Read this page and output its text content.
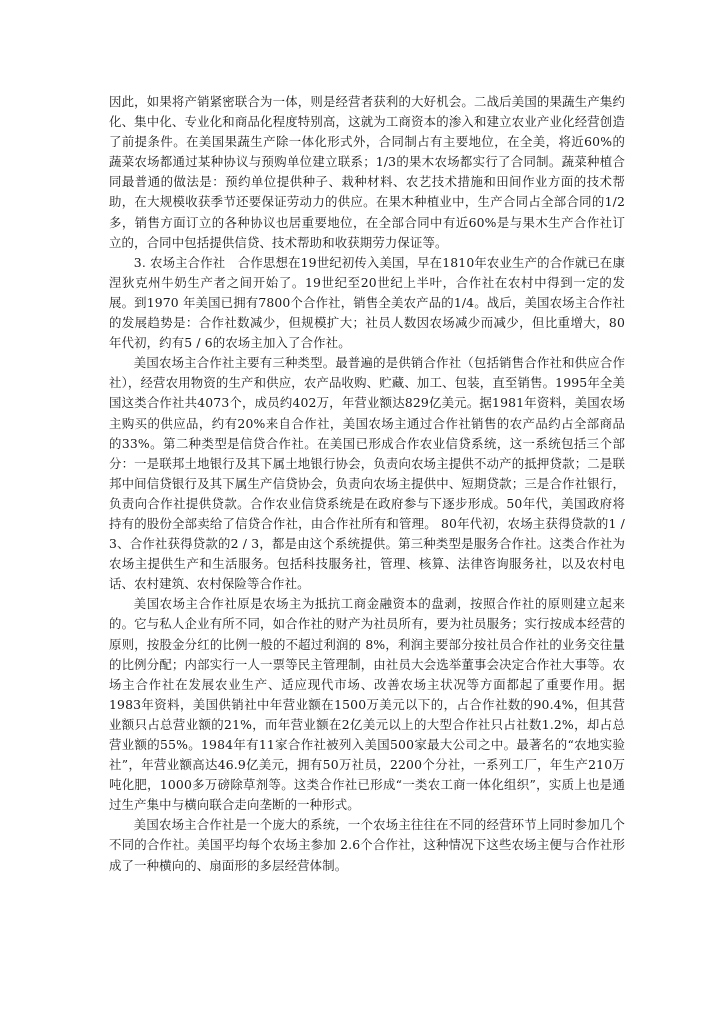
因此，如果将产销紧密联合为一体，则是经营者获利的大好机会。二战后美国的果蔬生产集约化、集中化、专业化和商品化程度特别高，这就为工商资本的渗入和建立农业产业化经营创造了前提条件。在美国果蔬生产除一体化形式外，合同制占有主要地位，在全美，将近60%的蔬菜农场都通过某种协议与预购单位建立联系；1/3的果木农场都实行了合同制。蔬菜种植合同最普通的做法是：预约单位提供种子、栽种材料、农艺技术措施和田间作业方面的技术帮助，在大规模收获季节还要保证劳动力的供应。在果木种植业中，生产合同占全部合同的1/2多，销售方面订立的各种协议也居重要地位，在全部合同中有近60%是与果木生产合作社订立的，合同中包括提供信贷、技术帮助和收获期劳力保证等。

3. 农场主合作社　合作思想在19世纪初传入美国，早在1810年农业生产的合作就已在康涅狄克州牛奶生产者之间开始了。19世纪至20世纪上半叶，合作社在农村中得到一定的发展。到1970 年美国已拥有7800个合作社，销售全美农产品的1/4。战后，美国农场主合作社的发展趋势是：合作社数减少，但规模扩大；社员人数因农场减少而减少，但比重增大，80年代初，约有5 / 6的农场主加入了合作社。

美国农场主合作社主要有三种类型。最普遍的是供销合作社（包括销售合作社和供应合作社），经营农用物资的生产和供应，农产品收购、贮藏、加工、包装，直至销售。1995年全美国这类合作社共4073个，成员约402万，年营业额达829亿美元。据1981年资料，美国农场主购买的供应品，约有20%来自合作社，美国农场主通过合作社销售的农产品约占全部商品的33%。第二种类型是信贷合作社。在美国已形成合作农业信贷系统，这一系统包括三个部分：一是联邦土地银行及其下属土地银行协会，负责向农场主提供不动产的抵押贷款；二是联邦中间信贷银行及其下属生产信贷协会，负责向农场主提供中、短期贷款；三是合作社银行，负责向合作社提供贷款。合作农业信贷系统是在政府参与下逐步形成。50年代，美国政府将持有的股份全部卖给了信贷合作社，由合作社所有和管理。 80年代初，农场主获得贷款的1 / 3、合作社获得贷款的2 / 3，都是由这个系统提供。第三种类型是服务合作社。这类合作社为农场主提供生产和生活服务。包括科技服务社，管理、核算、法律咨询服务社，以及农村电话、农村建筑、农村保险等合作社。

美国农场主合作社原是农场主为抵抗工商金融资本的盘剥，按照合作社的原则建立起来的。它与私人企业有所不同，如合作社的财产为社员所有，要为社员服务；实行按成本经营的原则，按股金分红的比例一般的不超过利润的 8%，利润主要部分按社员合作社的业务交往量的比例分配；内部实行一人一票等民主管理制，由社员大会选举董事会决定合作社大事等。农场主合作社在发展农业生产、适应现代市场、改善农场主状况等方面都起了重要作用。据1983年资料，美国供销社中年营业额在1500万美元以下的，占合作社数的90.4%，但其营业额只占总营业额的21%，而年营业额在2亿美元以上的大型合作社只占社数1.2%，却占总营业额的55%。1984年有11家合作社被列入美国500家最大公司之中。最著名的“农地实验社”，年营业额高达46.9亿美元，拥有50万社员，2200个分社，一系列工厂，年生产210万吨化肥，1000多万磅除草剂等。这类合作社已形成“一类农工商一体化组织”，实质上也是通过生产集中与横向联合走向垄断的一种形式。

美国农场主合作社是一个庞大的系统，一个农场主往往在不同的经营环节上同时参加几个不同的合作社。美国平均每个农场主参加 2.6个合作社，这种情况下这些农场主便与合作社形成了一种横向的、扇面形的多层经营体制。
